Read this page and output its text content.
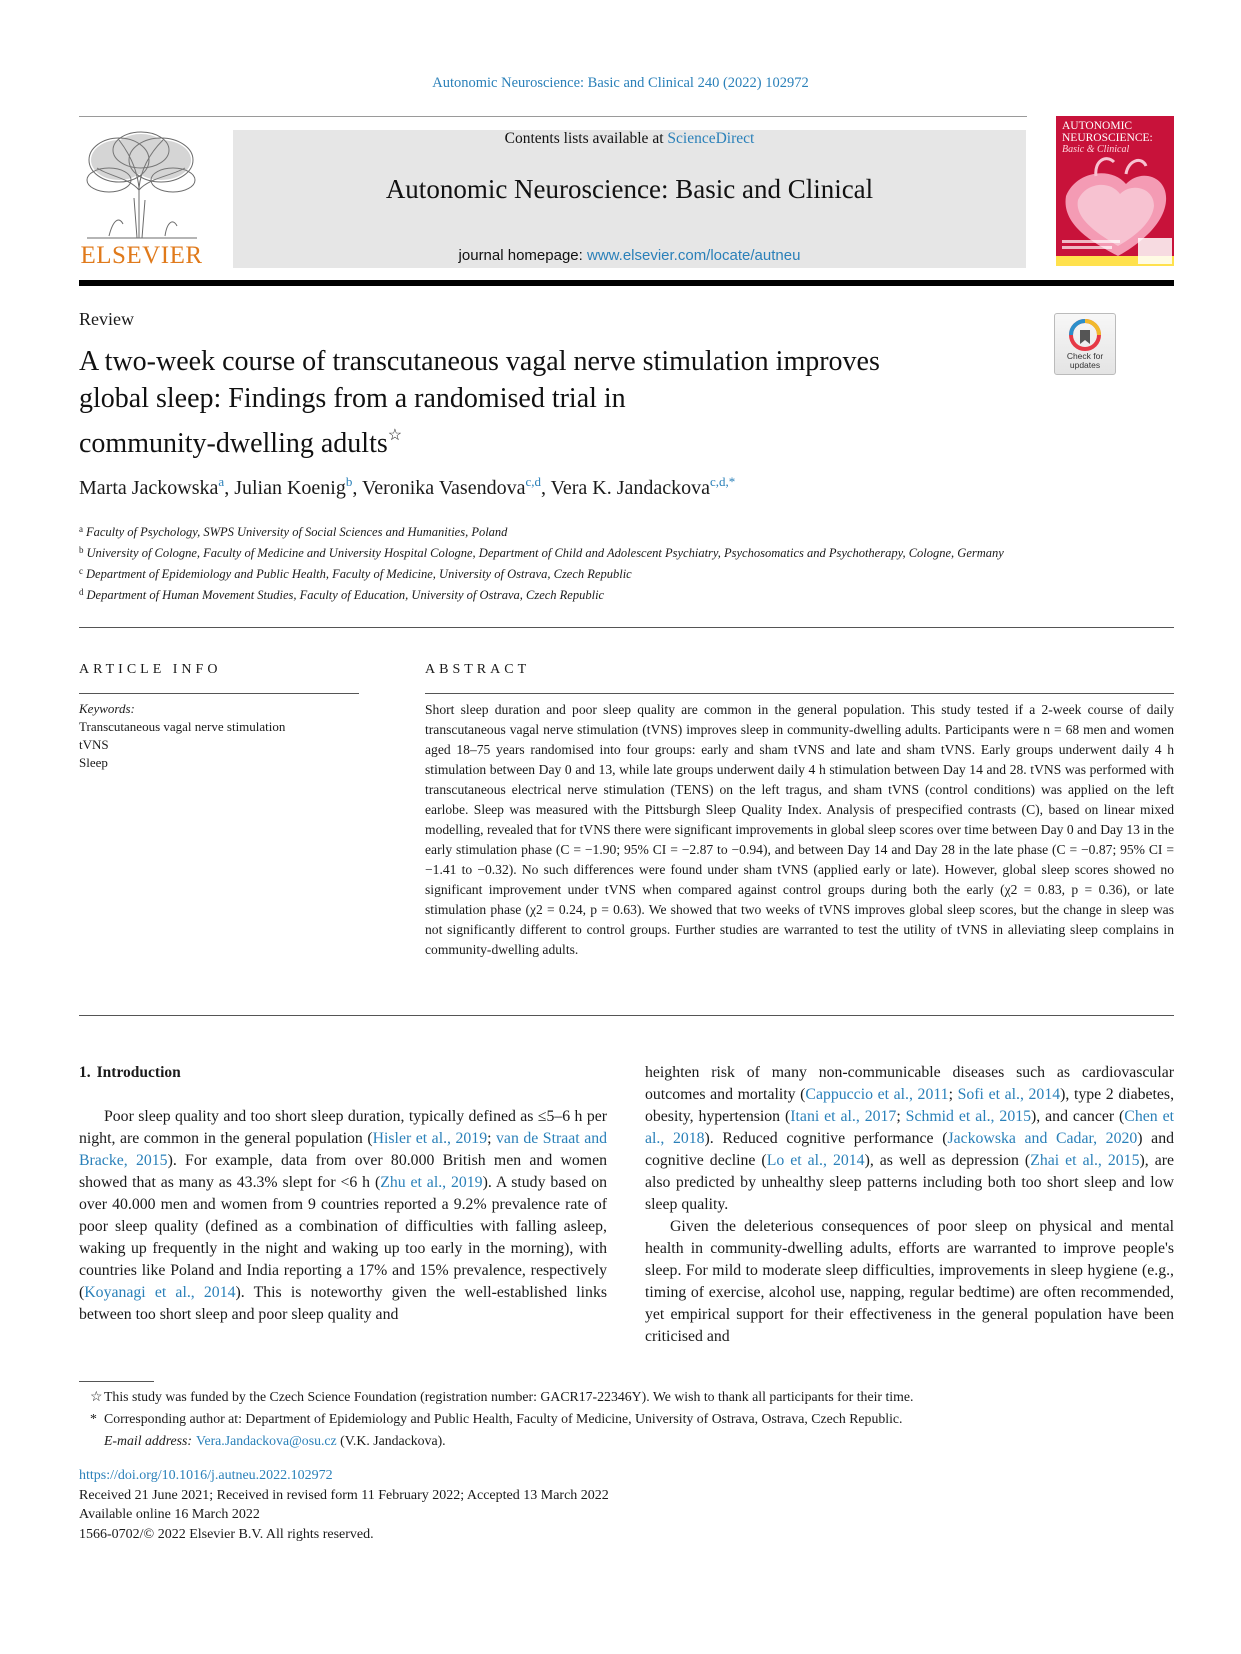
Autonomic Neuroscience: Basic and Clinical 240 (2022) 102972
ELSEVIER
Contents lists available at ScienceDirect
Autonomic Neuroscience: Basic and Clinical
journal homepage: www.elsevier.com/locate/autneu
AUTONOMIC
NEUROSCIENCE:
Basic & Clinical
Review
Check for
updates
A two-week course of transcutaneous vagal nerve stimulation improves
global sleep: Findings from a randomised trial in
community-dwelling adults☆
Marta Jackowska$^a$, Julian Koenig$^b$, Veronika Vasendova$^{c,d}$, Vera K. Jandackova$^{c,d,*}$
$^a$ Faculty of Psychology, SWPS University of Social Sciences and Humanities, Poland
$^b$ University of Cologne, Faculty of Medicine and University Hospital Cologne, Department of Child and Adolescent Psychiatry, Psychosomatics and Psychotherapy, Cologne, Germany
$^c$ Department of Epidemiology and Public Health, Faculty of Medicine, University of Ostrava, Czech Republic
$^d$ Department of Human Movement Studies, Faculty of Education, University of Ostrava, Czech Republic
ARTICLE INFO	ABSTRACT
Keywords:
Transcutaneous vagal nerve stimulation
tVNS
Sleep
Short sleep duration and poor sleep quality are common in the general population. This study tested if a 2-week course of daily transcutaneous vagal nerve stimulation (tVNS) improves sleep in community-dwelling adults. Participants were n = 68 men and women aged 18–75 years randomised into four groups: early and sham tVNS and late and sham tVNS. Early groups underwent daily 4 h stimulation between Day 0 and 13, while late groups underwent daily 4 h stimulation between Day 14 and 28. tVNS was performed with transcutaneous electrical nerve stimulation (TENS) on the left tragus, and sham tVNS (control conditions) was applied on the left earlobe. Sleep was measured with the Pittsburgh Sleep Quality Index. Analysis of prespecified contrasts (C), based on linear mixed modelling, revealed that for tVNS there were significant improvements in global sleep scores over time between Day 0 and Day 13 in the early stimulation phase (C = −1.90; 95% CI = −2.87 to −0.94), and between Day 14 and Day 28 in the late phase (C = −0.87; 95% CI = −1.41 to −0.32). No such differences were found under sham tVNS (applied early or late). However, global sleep scores showed no significant improvement under tVNS when compared against control groups during both the early (χ2 = 0.83, p = 0.36), or late stimulation phase (χ2 = 0.24, p = 0.63). We showed that two weeks of tVNS improves global sleep scores, but the change in sleep was not significantly different to control groups. Further studies are warranted to test the utility of tVNS in alleviating sleep complains in community-dwelling adults.
1. Introduction

Poor sleep quality and too short sleep duration, typically defined as ≤5–6 h per night, are common in the general population (Hisler et al., 2019; van de Straat and Bracke, 2015). For example, data from over 80.000 British men and women showed that as many as 43.3% slept for <6 h (Zhu et al., 2019). A study based on over 40.000 men and women from 9 countries reported a 9.2% prevalence rate of poor sleep quality (defined as a combination of difficulties with falling asleep, waking up frequently in the night and waking up too early in the morning), with countries like Poland and India reporting a 17% and 15% prevalence, respectively (Koyanagi et al., 2014). This is noteworthy given the well-established links between too short sleep and poor sleep quality and

heighten risk of many non-communicable diseases such as cardiovascular outcomes and mortality (Cappuccio et al., 2011; Sofi et al., 2014), type 2 diabetes, obesity, hypertension (Itani et al., 2017; Schmid et al., 2015), and cancer (Chen et al., 2018). Reduced cognitive performance (Jackowska and Cadar, 2020) and cognitive decline (Lo et al., 2014), as well as depression (Zhai et al., 2015), are also predicted by unhealthy sleep patterns including both too short sleep and low sleep quality.

Given the deleterious consequences of poor sleep on physical and mental health in community-dwelling adults, efforts are warranted to improve people's sleep. For mild to moderate sleep difficulties, improvements in sleep hygiene (e.g., timing of exercise, alcohol use, napping, regular bedtime) are often recommended, yet empirical support for their effectiveness in the general population have been criticised and

☆ This study was funded by the Czech Science Foundation (registration number: GACR17-22346Y). We wish to thank all participants for their time.
* Corresponding author at: Department of Epidemiology and Public Health, Faculty of Medicine, University of Ostrava, Ostrava, Czech Republic.
E-mail address: Vera.Jandackova@osu.cz (V.K. Jandackova).
https://doi.org/10.1016/j.autneu.2022.102972
Received 21 June 2021; Received in revised form 11 February 2022; Accepted 13 March 2022
Available online 16 March 2022
1566-0702/© 2022 Elsevier B.V. All rights reserved.
